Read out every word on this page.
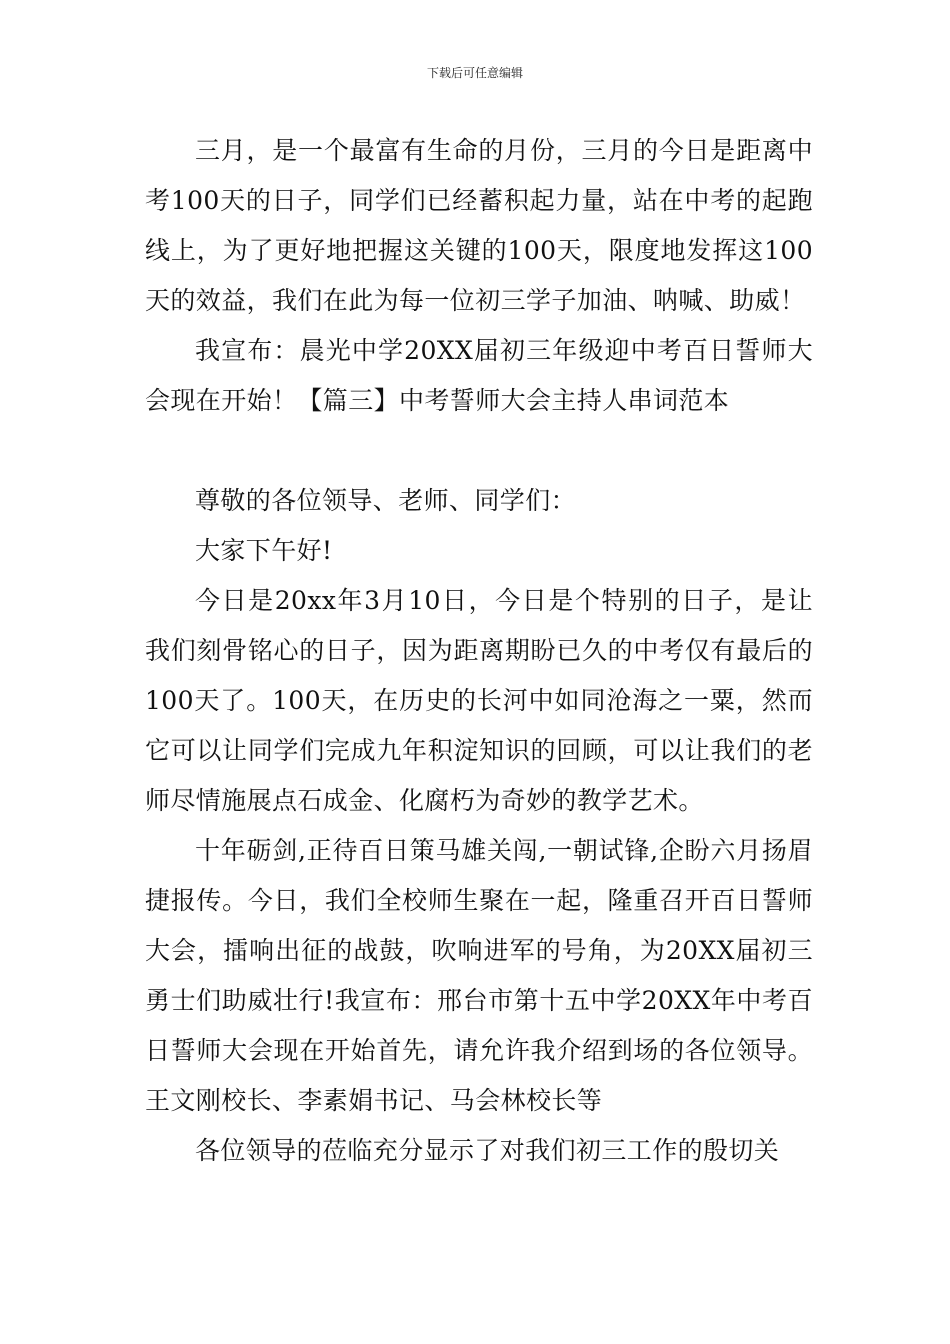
下载后可任意编辑

三月，是一个最富有生命的月份，三月的今日是距离中考100天的日子，同学们已经蓄积起力量，站在中考的起跑线上，为了更好地把握这关键的100天，限度地发挥这100天的效益，我们在此为每一位初三学子加油、呐喊、助威！

我宣布：晨光中学20XX届初三年级迎中考百日誓师大会现在开始！【篇三】中考誓师大会主持人串词范本

尊敬的各位领导、老师、同学们：

大家下午好!

今日是20xx年3月10日，今日是个特别的日子，是让我们刻骨铭心的日子，因为距离期盼已久的中考仅有最后的100天了。100天，在历史的长河中如同沧海之一粟，然而它可以让同学们完成九年积淀知识的回顾，可以让我们的老师尽情施展点石成金、化腐朽为奇妙的教学艺术。

十年砺剑,正待百日策马雄关闯,一朝试锋,企盼六月扬眉捷报传。今日，我们全校师生聚在一起，隆重召开百日誓师大会，擂响出征的战鼓，吹响进军的号角，为20XX届初三勇士们助威壮行!我宣布：邢台市第十五中学20XX年中考百日誓师大会现在开始首先，请允许我介绍到场的各位领导。王文刚校长、李素娟书记、马会林校长等

各位领导的莅临充分显示了对我们初三工作的殷切关
